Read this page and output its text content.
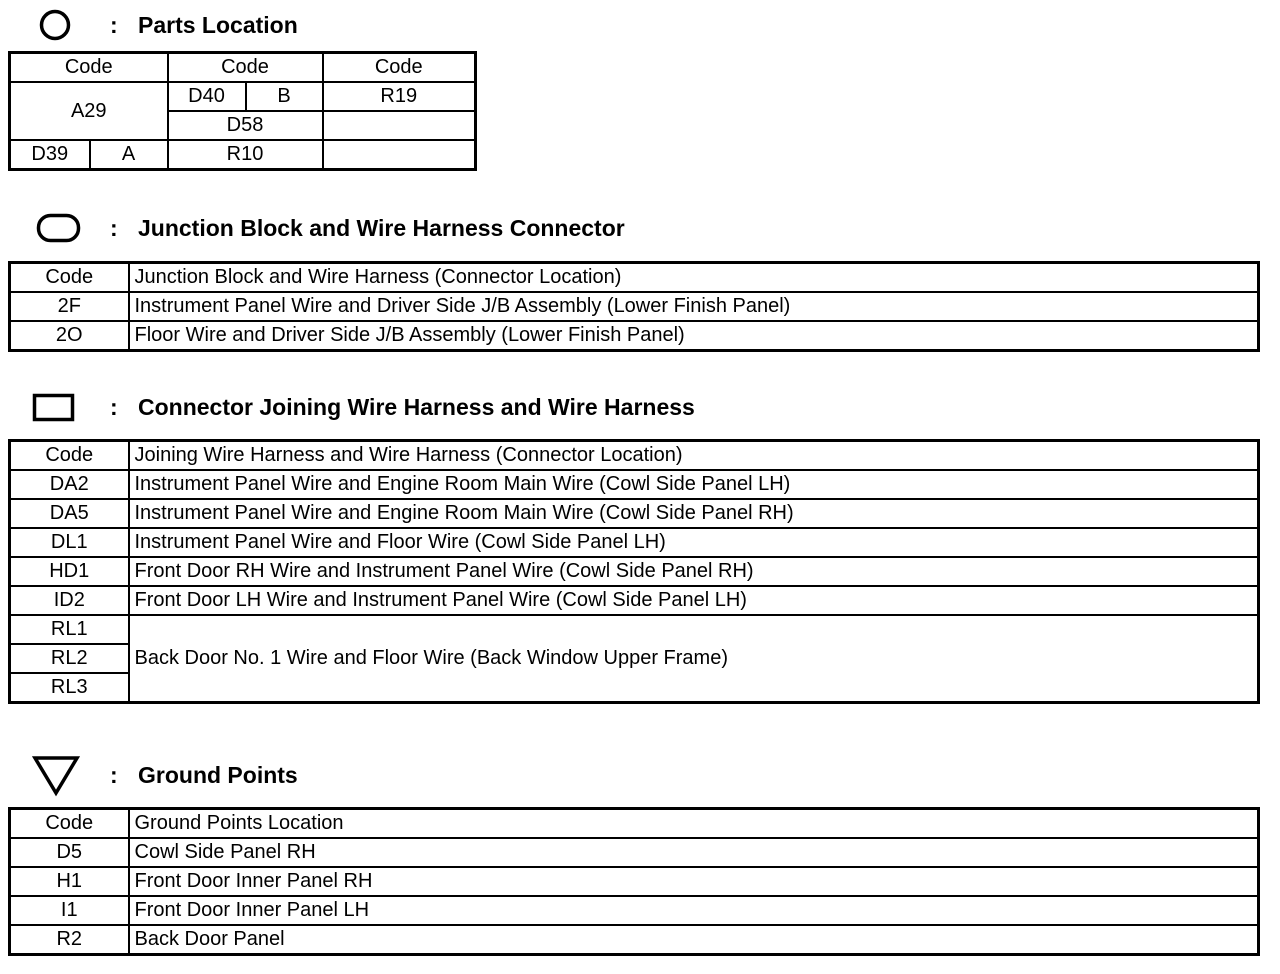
: Parts Location
Code		Code		Code
A29		D40	B	R19
		D58		
D39	A	R10		
: Junction Block and Wire Harness Connector
Code	Junction Block and Wire Harness (Connector Location)
2F	Instrument Panel Wire and Driver Side J/B Assembly (Lower Finish Panel)
2O	Floor Wire and Driver Side J/B Assembly (Lower Finish Panel)
: Connector Joining Wire Harness and Wire Harness
Code	Joining Wire Harness and Wire Harness (Connector Location)
DA2	Instrument Panel Wire and Engine Room Main Wire (Cowl Side Panel LH)
DA5	Instrument Panel Wire and Engine Room Main Wire (Cowl Side Panel RH)
DL1	Instrument Panel Wire and Floor Wire (Cowl Side Panel LH)
HD1	Front Door RH Wire and Instrument Panel Wire (Cowl Side Panel RH)
ID2	Front Door LH Wire and Instrument Panel Wire (Cowl Side Panel LH)
RL1	Back Door No. 1 Wire and Floor Wire (Back Window Upper Frame)
RL2	
RL3	
: Ground Points
Code	Ground Points Location
D5	Cowl Side Panel RH
H1	Front Door Inner Panel RH
I1	Front Door Inner Panel LH
R2	Back Door Panel
